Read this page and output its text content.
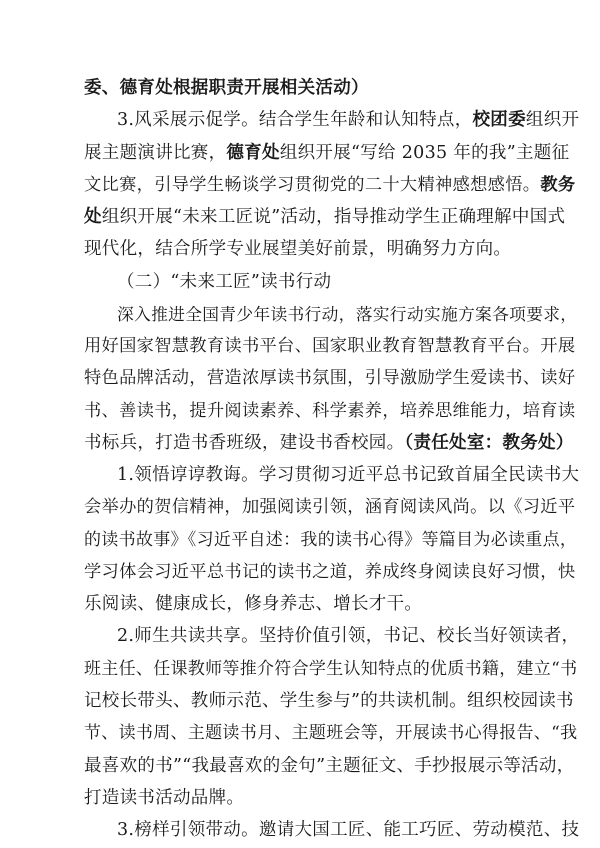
委、德育处根据职责开展相关活动）
3.风采展示促学。结合学生年龄和认知特点，校团委组织开
展主题演讲比赛，德育处组织开展“写给 2035 年的我”主题征
文比赛，引导学生畅谈学习贯彻党的二十大精神感想感悟。教务
处组织开展“未来工匠说”活动，指导推动学生正确理解中国式
现代化，结合所学专业展望美好前景，明确努力方向。
（二）“未来工匠”读书行动
深入推进全国青少年读书行动，落实行动实施方案各项要求，
用好国家智慧教育读书平台、国家职业教育智慧教育平台。开展
特色品牌活动，营造浓厚读书氛围，引导激励学生爱读书、读好
书、善读书，提升阅读素养、科学素养，培养思维能力，培育读
书标兵，打造书香班级，建设书香校园。（责任处室：教务处）
1.领悟谆谆教诲。学习贯彻习近平总书记致首届全民读书大
会举办的贺信精神，加强阅读引领，涵育阅读风尚。以《习近平
的读书故事》《习近平自述：我的读书心得》等篇目为必读重点，
学习体会习近平总书记的读书之道，养成终身阅读良好习惯，快
乐阅读、健康成长，修身养志、增长才干。
2.师生共读共享。坚持价值引领，书记、校长当好领读者，
班主任、任课教师等推介符合学生认知特点的优质书籍，建立“书
记校长带头、教师示范、学生参与”的共读机制。组织校园读书
节、读书周、主题读书月、主题班会等，开展读书心得报告、“我
最喜欢的书”“我最喜欢的金句”主题征文、手抄报展示等活动，
打造读书活动品牌。
3.榜样引领带动。邀请大国工匠、能工巧匠、劳动模范、技
